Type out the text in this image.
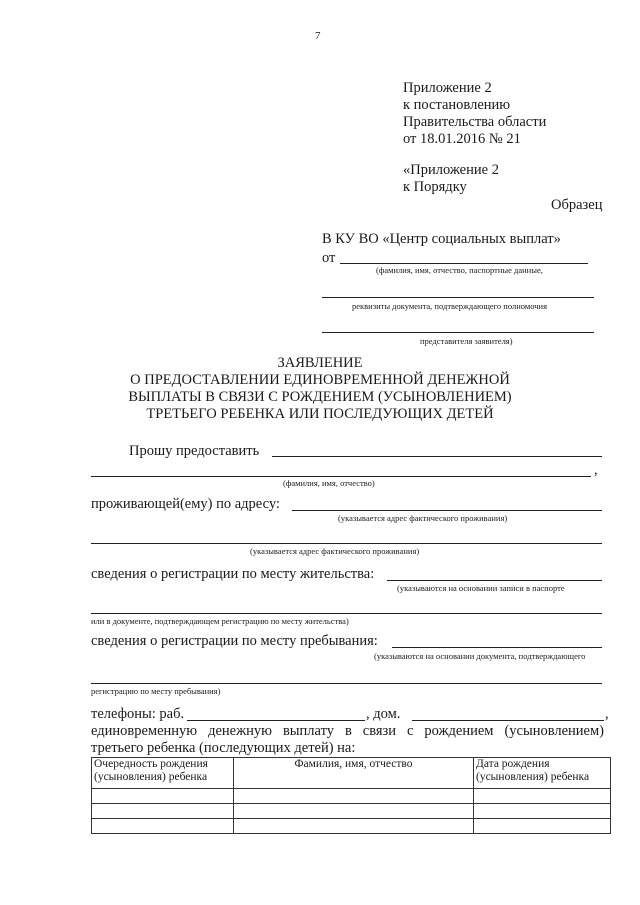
7
Приложение 2
к постановлению
Правительства области
от 18.01.2016 № 21
«Приложение 2
к Порядку
Образец
В КУ ВО «Центр социальных выплат»
от
(фамилия, имя, отчество, паспортные данные,
реквизиты документа, подтверждающего полномочия
представителя заявителя)
ЗАЯВЛЕНИЕ
О ПРЕДОСТАВЛЕНИИ ЕДИНОВРЕМЕННОЙ ДЕНЕЖНОЙ
ВЫПЛАТЫ В СВЯЗИ С РОЖДЕНИЕМ (УСЫНОВЛЕНИЕМ)
ТРЕТЬЕГО РЕБЕНКА ИЛИ ПОСЛЕДУЮЩИХ ДЕТЕЙ
Прошу предоставить
,
(фамилия, имя, отчество)
проживающей(ему) по адресу:
(указывается адрес фактического проживания)
(указывается адрес фактического проживания)
сведения о регистрации по месту жительства:
(указываются на основании записи в паспорте
или в документе, подтверждающем регистрацию по месту жительства)
сведения о регистрации по месту пребывания:
(указываются на основании документа, подтверждающего
регистрацию по месту пребывания)
телефоны: раб.	, дом.	,
единовременную денежную выплату в связи с рождением (усыновлением)
третьего ребенка (последующих детей) на:
Очередность рождения (усыновления) ребенка	Фамилия, имя, отчество	Дата рождения (усыновления) ребенка
